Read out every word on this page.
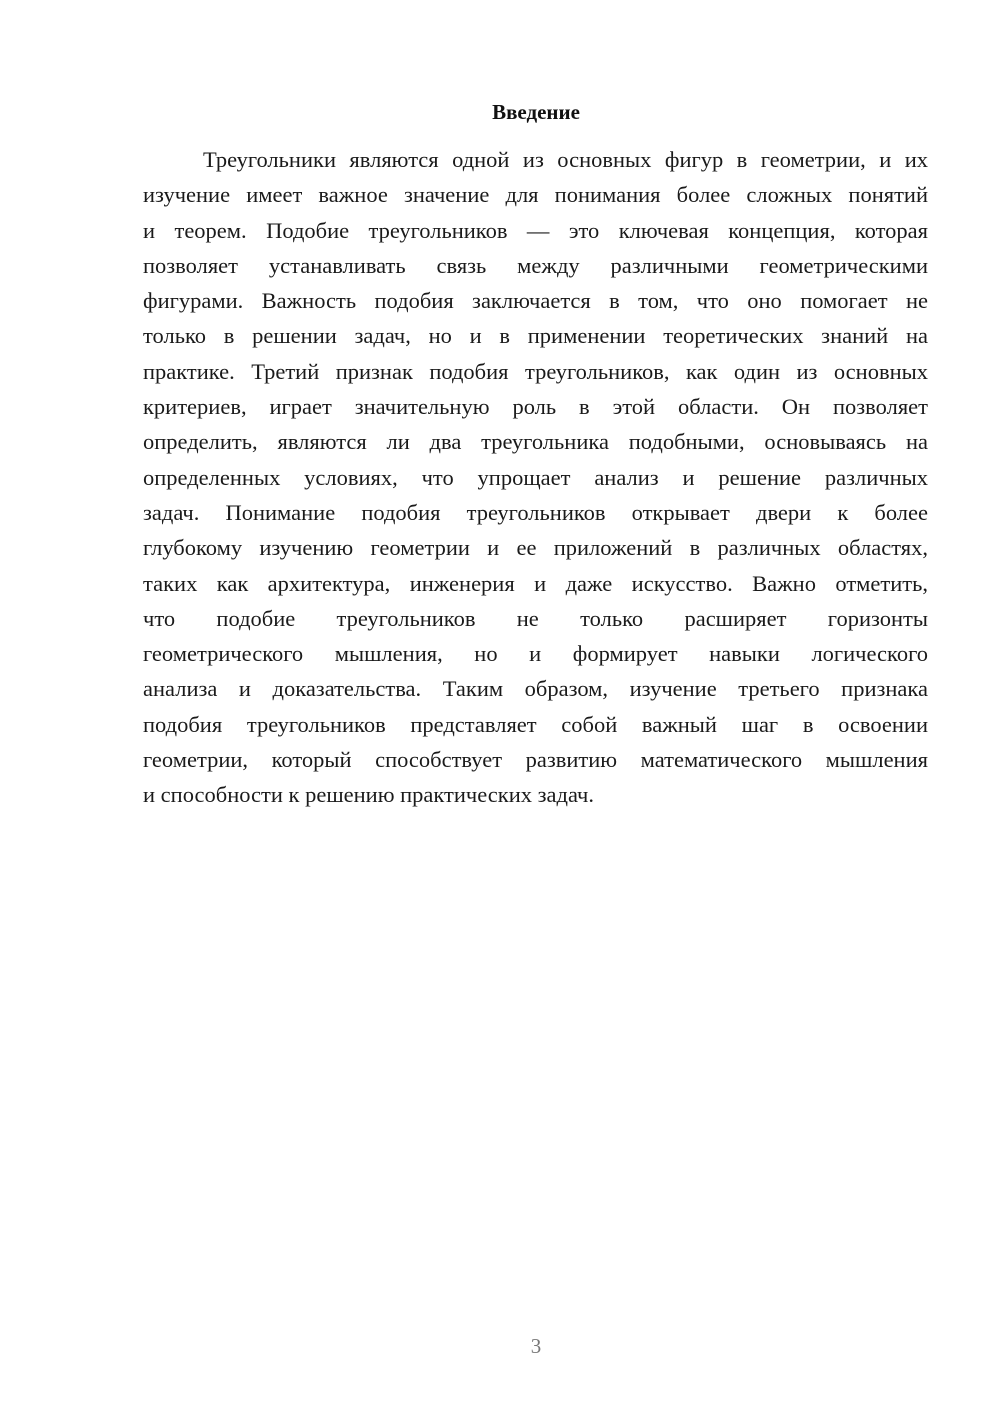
Введение
Треугольники являются одной из основных фигур в геометрии, и их
изучение имеет важное значение для понимания более сложных понятий
и теорем. Подобие треугольников — это ключевая концепция, которая
позволяет устанавливать связь между различными геометрическими
фигурами. Важность подобия заключается в том, что оно помогает не
только в решении задач, но и в применении теоретических знаний на
практике. Третий признак подобия треугольников, как один из основных
критериев, играет значительную роль в этой области. Он позволяет
определить, являются ли два треугольника подобными, основываясь на
определенных условиях, что упрощает анализ и решение различных
задач. Понимание подобия треугольников открывает двери к более
глубокому изучению геометрии и ее приложений в различных областях,
таких как архитектура, инженерия и даже искусство. Важно отметить,
что подобие треугольников не только расширяет горизонты
геометрического мышления, но и формирует навыки логического
анализа и доказательства. Таким образом, изучение третьего признака
подобия треугольников представляет собой важный шаг в освоении
геометрии, который способствует развитию математического мышления
и способности к решению практических задач.
3
